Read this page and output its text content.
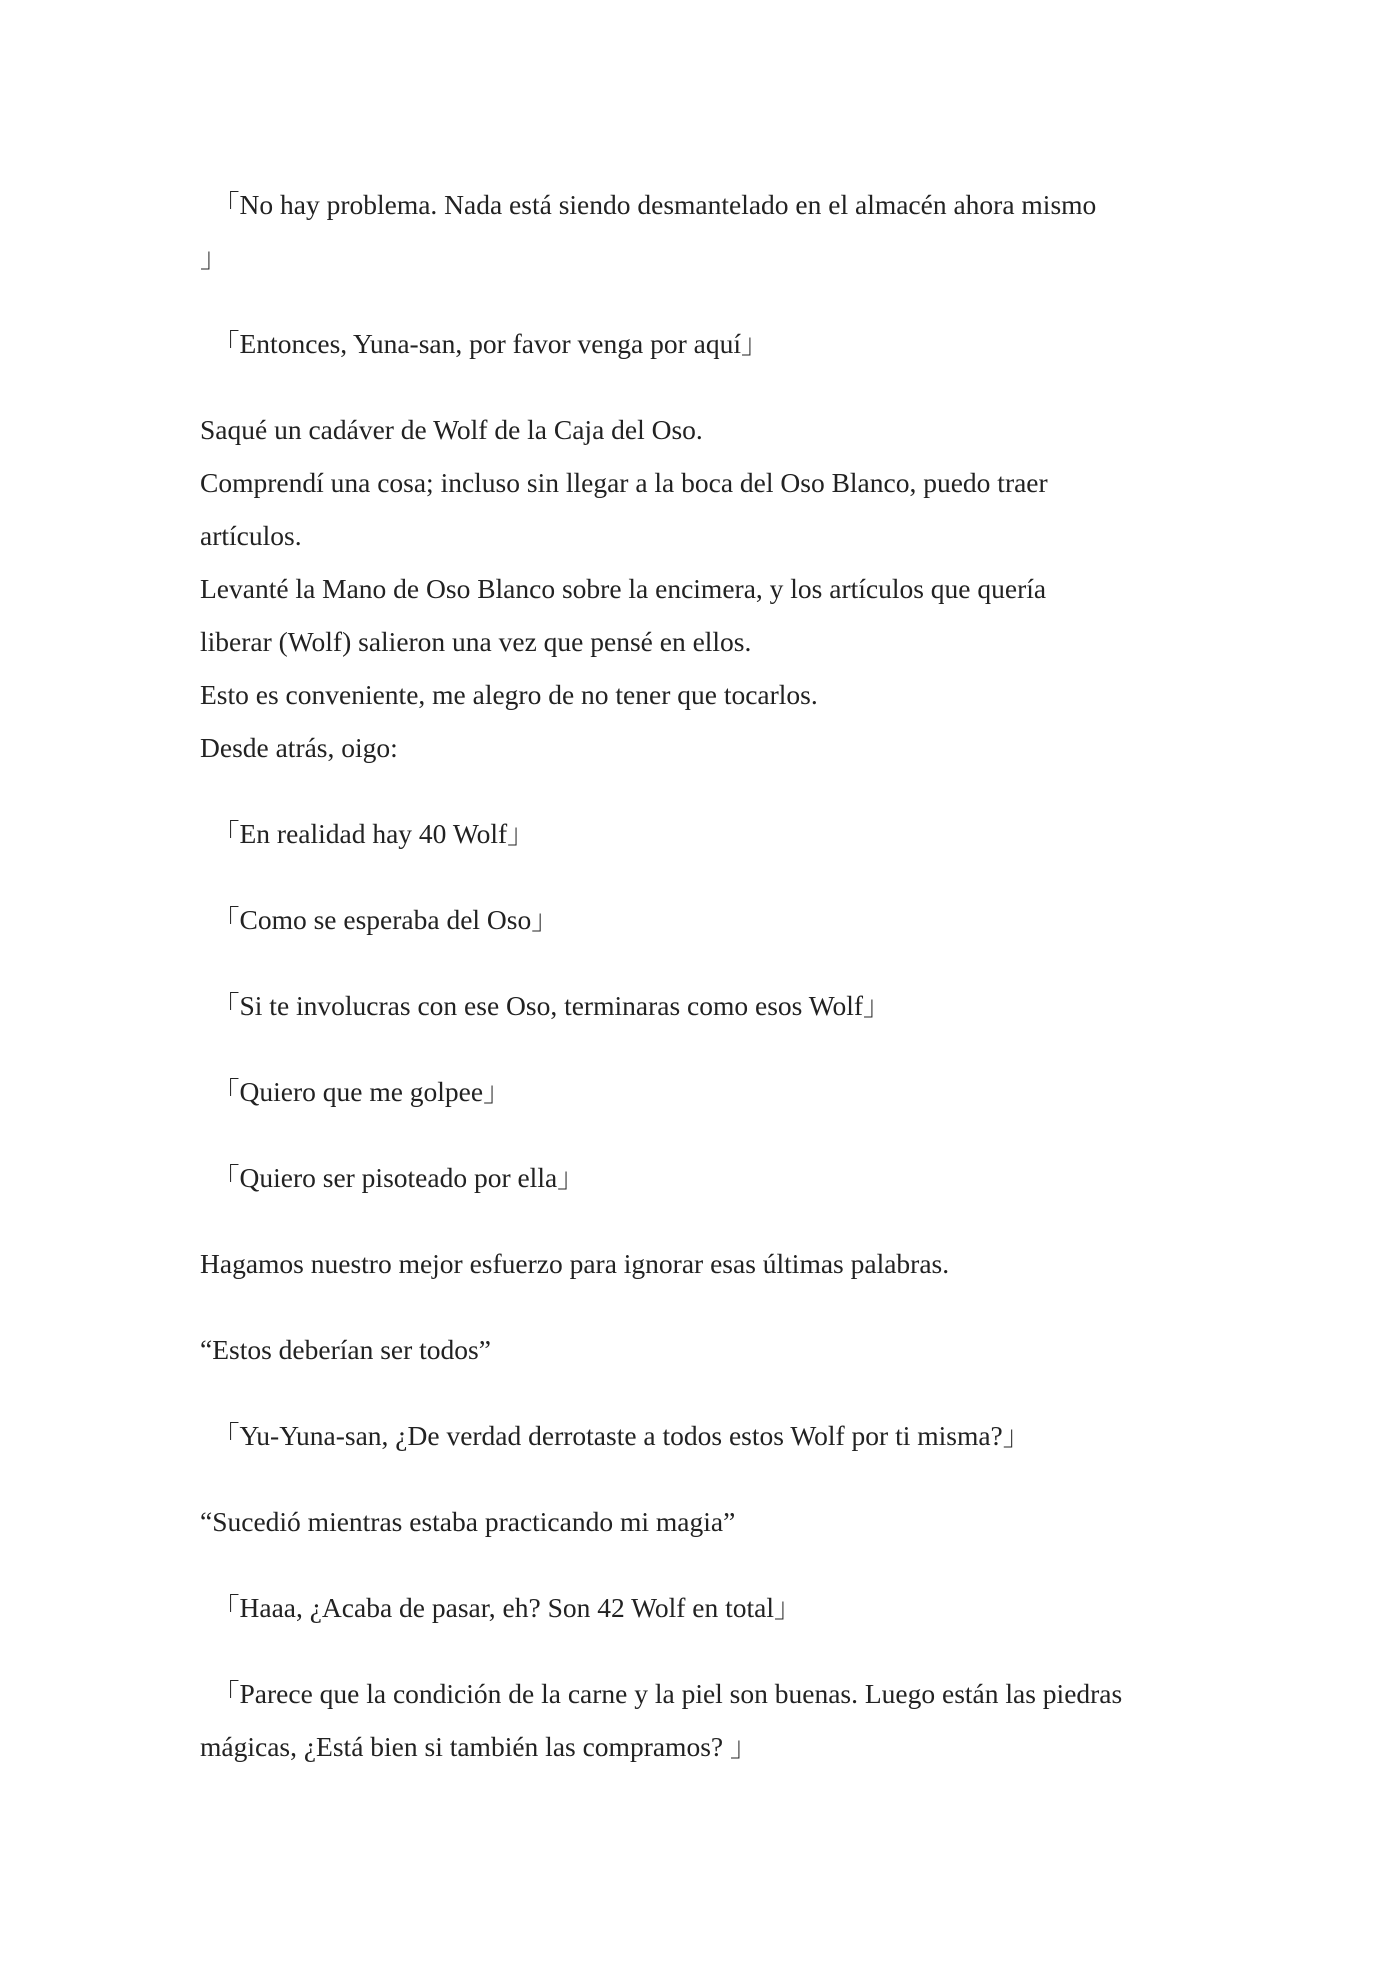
「No hay problema. Nada está siendo desmantelado en el almacén ahora mismo
」
「Entonces, Yuna-san, por favor venga por aquí」
Saqué un cadáver de Wolf de la Caja del Oso.
Comprendí una cosa; incluso sin llegar a la boca del Oso Blanco, puedo traer
artículos.
Levanté la Mano de Oso Blanco sobre la encimera, y los artículos que quería
liberar (Wolf) salieron una vez que pensé en ellos.
Esto es conveniente, me alegro de no tener que tocarlos.
Desde atrás, oigo:
「En realidad hay 40 Wolf」
「Como se esperaba del Oso」
「Si te involucras con ese Oso, terminaras como esos Wolf」
「Quiero que me golpee」
「Quiero ser pisoteado por ella」
Hagamos nuestro mejor esfuerzo para ignorar esas últimas palabras.
“Estos deberían ser todos”
「Yu-Yuna-san, ¿De verdad derrotaste a todos estos Wolf por ti misma?」
“Sucedió mientras estaba practicando mi magia”
「Haaa, ¿Acaba de pasar, eh? Son 42 Wolf en total」
「Parece que la condición de la carne y la piel son buenas. Luego están las piedras
mágicas, ¿Está bien si también las compramos? 」
